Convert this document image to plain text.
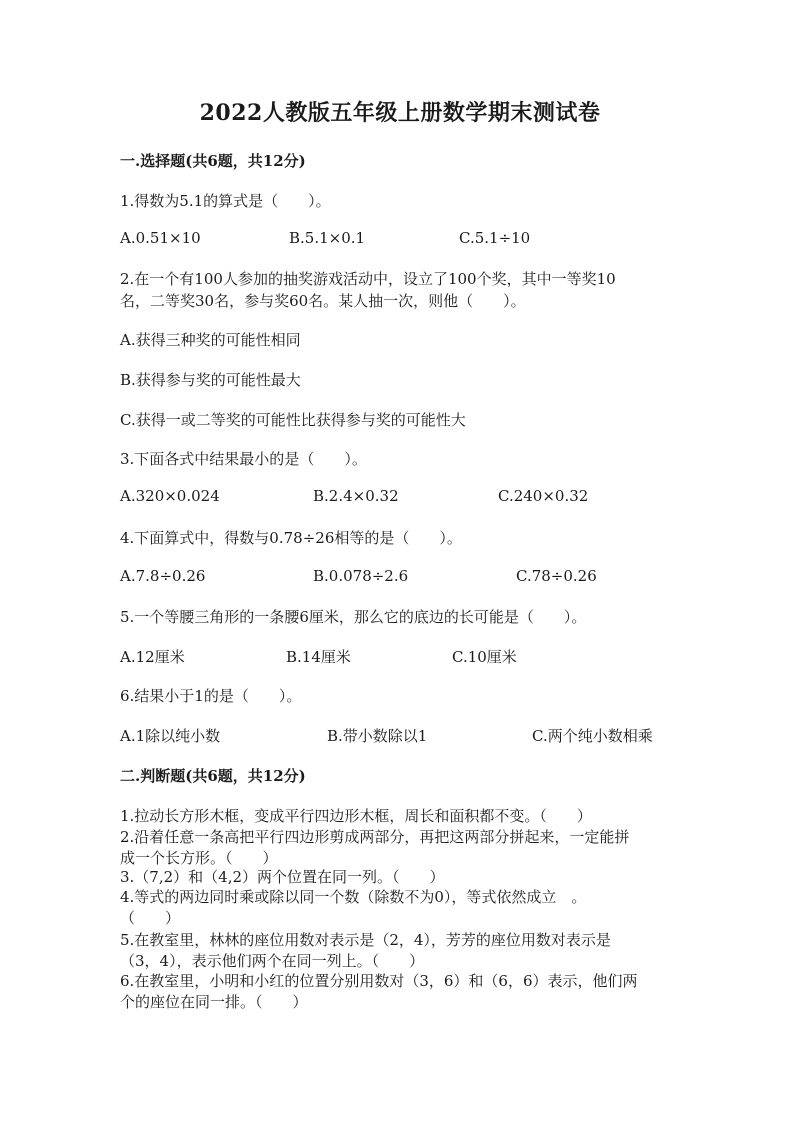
2022人教版五年级上册数学期末测试卷
一.选择题(共6题，共12分)
1.得数为5.1的算式是（　　）。
A.0.51×10	B.5.1×0.1	C.5.1÷10
2.在一个有100人参加的抽奖游戏活动中，设立了100个奖，其中一等奖10
名，二等奖30名，参与奖60名。某人抽一次，则他（　　）。
A.获得三种奖的可能性相同
B.获得参与奖的可能性最大
C.获得一或二等奖的可能性比获得参与奖的可能性大
3.下面各式中结果最小的是（　　）。
A.320×0.024	B.2.4×0.32	C.240×0.32
4.下面算式中，得数与0.78÷26相等的是（　　）。
A.7.8÷0.26	B.0.078÷2.6	C.78÷0.26
5.一个等腰三角形的一条腰6厘米，那么它的底边的长可能是（　　）。
A.12厘米	B.14厘米	C.10厘米
6.结果小于1的是（　　）。
A.1除以纯小数	B.带小数除以1	C.两个纯小数相乘
二.判断题(共6题，共12分)
1.拉动长方形木框，变成平行四边形木框，周长和面积都不变。（　　）
2.沿着任意一条高把平行四边形剪成两部分，再把这两部分拼起来，一定能拼
成一个长方形。（　　）
3.（7,2）和（4,2）两个位置在同一列。（　　）
4.等式的两边同时乘或除以同一个数（除数不为0），等式依然成立　。
（　　）
5.在教室里，林林的座位用数对表示是（2，4），芳芳的座位用数对表示是
（3，4），表示他们两个在同一列上。（　　）
6.在教室里，小明和小红的位置分别用数对（3，6）和（6，6）表示，他们两
个的座位在同一排。（　　）
